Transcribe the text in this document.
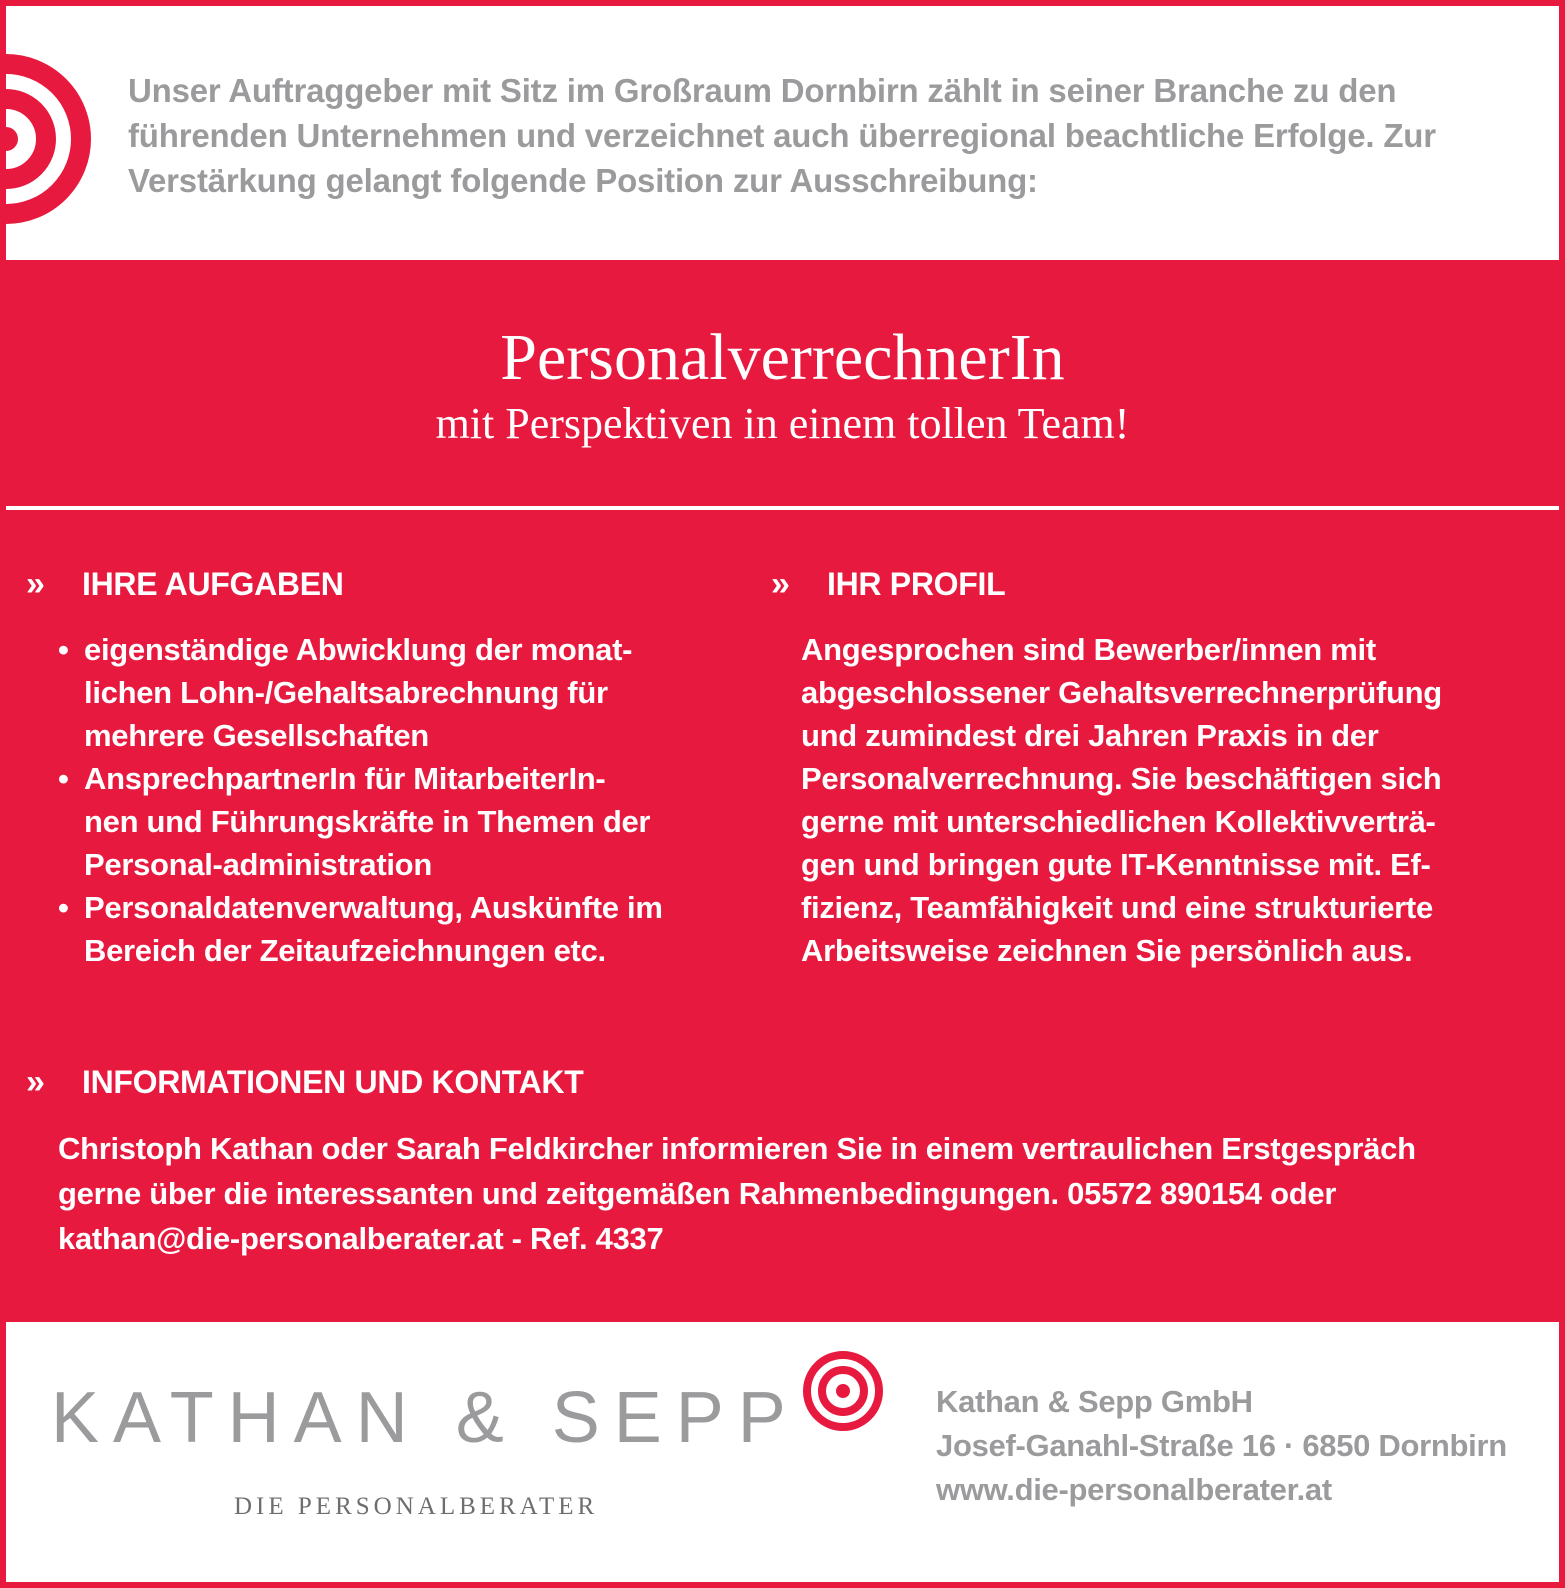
Unser Auftraggeber mit Sitz im Großraum Dornbirn zählt in seiner Branche zu den
führenden Unternehmen und verzeichnet auch überregional beachtliche Erfolge. Zur
Verstärkung gelangt folgende Position zur Ausschreibung:
PersonalverrechnerIn
mit Perspektiven in einem tollen Team!
» IHRE AUFGABEN
• eigenständige Abwicklung der monat-
lichen Lohn-/Gehaltsabrechnung für
mehrere Gesellschaften
• AnsprechpartnerIn für MitarbeiterIn-
nen und Führungskräfte in Themen der
Personal-administration
• Personaldatenverwaltung, Auskünfte im
Bereich der Zeitaufzeichnungen etc.
» IHR PROFIL
Angesprochen sind Bewerber/innen mit
abgeschlossener Gehaltsverrechnerprüfung
und zumindest drei Jahren Praxis in der
Personalverrechnung. Sie beschäftigen sich
gerne mit unterschiedlichen Kollektivverträ-
gen und bringen gute IT-Kenntnisse mit. Ef-
fizienz, Teamfähigkeit und eine strukturierte
Arbeitsweise zeichnen Sie persönlich aus.
» INFORMATIONEN UND KONTAKT
Christoph Kathan oder Sarah Feldkircher informieren Sie in einem vertraulichen Erstgespräch
gerne über die interessanten und zeitgemäßen Rahmenbedingungen. 05572 890154 oder
kathan@die-personalberater.at - Ref. 4337
KATHAN & SEPP
DIE PERSONALBERATER
Kathan & Sepp GmbH
Josef-Ganahl-Straße 16 · 6850 Dornbirn
www.die-personalberater.at
